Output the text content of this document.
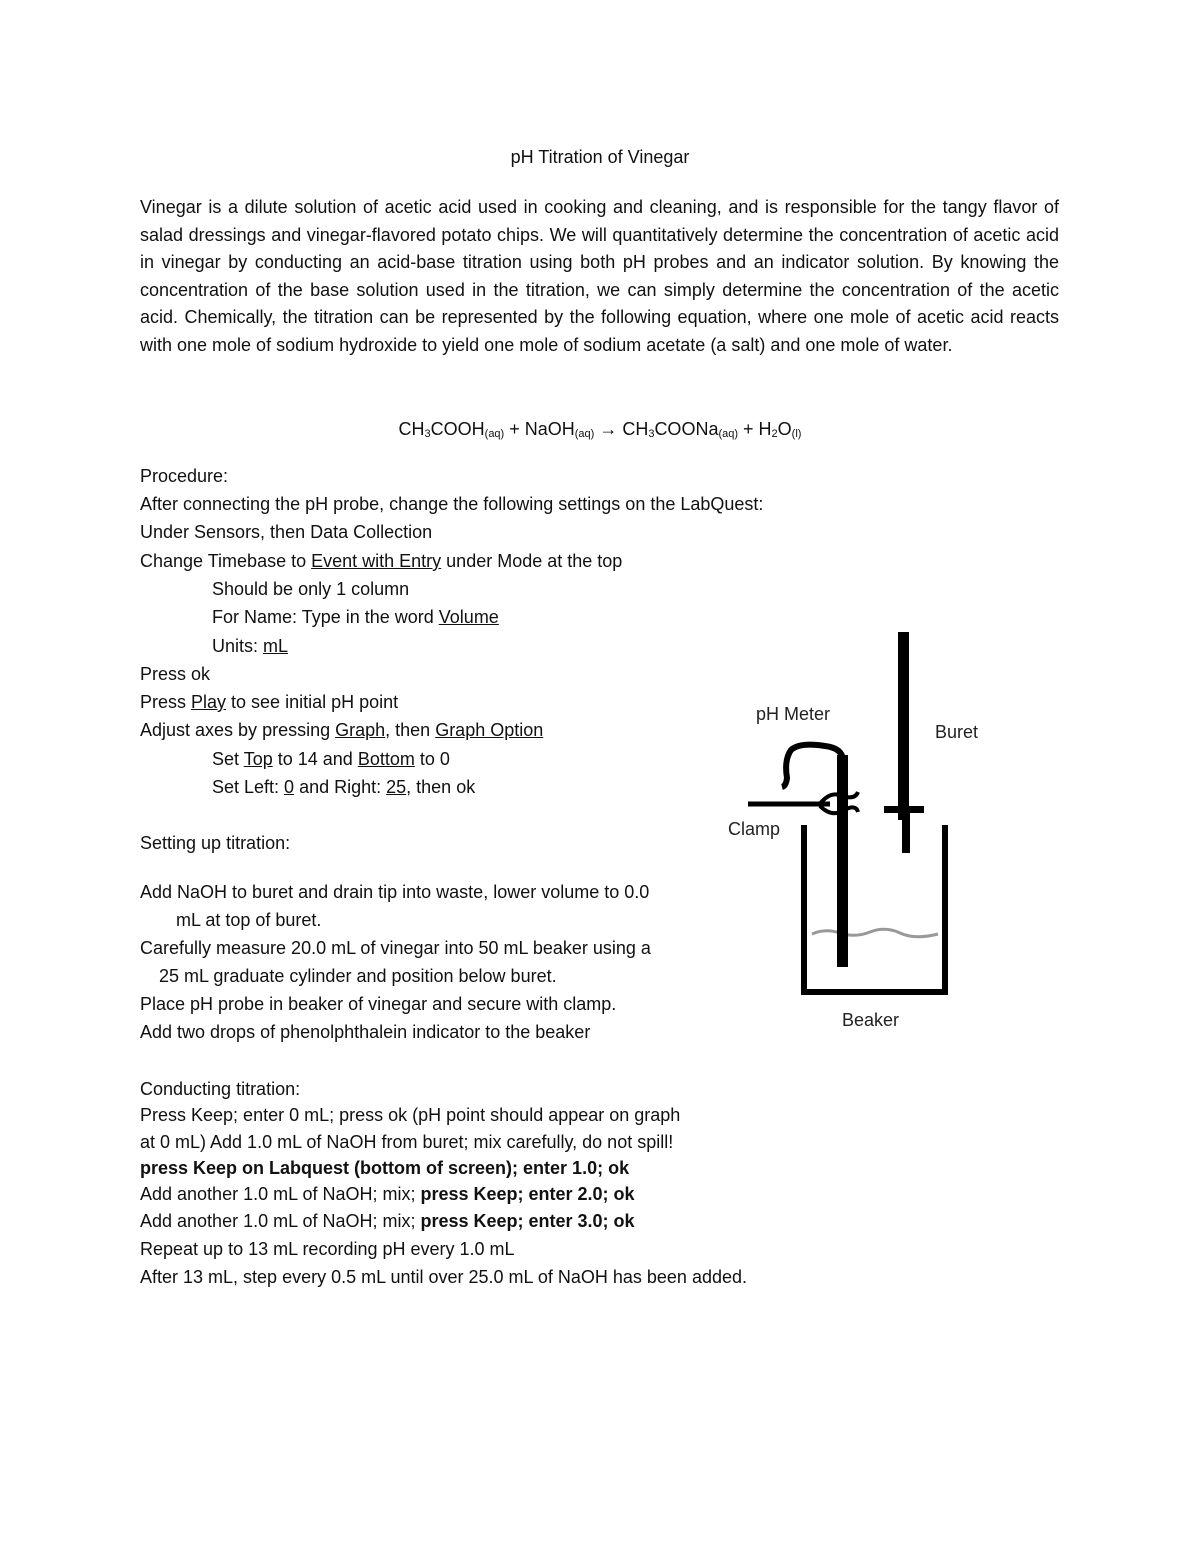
pH Titration of Vinegar

Vinegar is a dilute solution of acetic acid used in cooking and cleaning, and is responsible for the tangy flavor of salad dressings and vinegar-flavored potato chips. We will quantitatively determine the concentration of acetic acid in vinegar by conducting an acid-base titration using both pH probes and an indicator solution. By knowing the concentration of the base solution used in the titration, we can simply determine the concentration of the acetic acid. Chemically, the titration can be represented by the following equation, where one mole of acetic acid reacts with one mole of sodium hydroxide to yield one mole of sodium acetate (a salt) and one mole of water.

$CH_3COOH_{(aq)}$ + NaOH$_{(aq)}$ → $CH_3COONa_{(aq)} + H_2O_{(l)}$
Procedure:
After connecting the pH probe, change the following settings on the LabQuest:
Under Sensors, then Data Collection
Change Timebase to Event with Entry under Mode at the top
Should be only 1 column
For Name: Type in the word Volume
Units: mL
Press ok
Press Play to see initial pH point
Adjust axes by pressing Graph, then Graph Option
Set Top to 14 and Bottom to 0
Set Left: 0 and Right: 25, then ok
Setting up titration:
Add NaOH to buret and drain tip into waste, lower volume to 0.0
mL at top of buret.
Carefully measure 20.0 mL of vinegar into 50 mL beaker using a
25 mL graduate cylinder and position below buret.
Place pH probe in beaker of vinegar and secure with clamp.
Add two drops of phenolphthalein indicator to the beaker
Conducting titration:
Press Keep; enter 0 mL; press ok (pH point should appear on graph
at 0 mL) Add 1.0 mL of NaOH from buret; mix carefully, do not spill!
press Keep on Labquest (bottom of screen); enter 1.0; ok
Add another 1.0 mL of NaOH; mix; press Keep; enter 2.0; ok
Add another 1.0 mL of NaOH; mix; press Keep; enter 3.0; ok
Repeat up to 13 mL recording pH every 1.0 mL
After 13 mL, step every 0.5 mL until over 25.0 mL of NaOH has been added.
pH Meter
Buret
Clamp
Beaker
